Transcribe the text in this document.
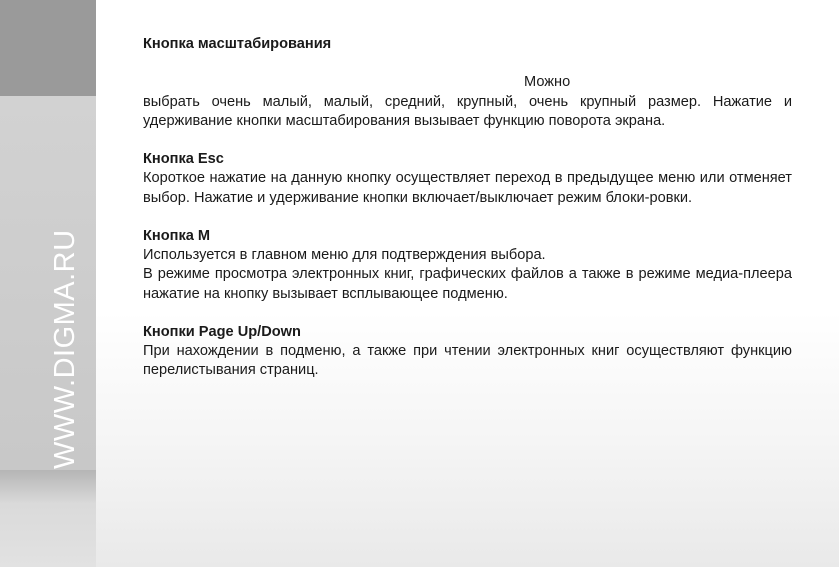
WWW.DIGMA.RU

Кнопка масштабирования

Можно

выбрать очень малый, малый, средний, крупный, очень крупный размер. Нажатие и удерживание кнопки масштабирования вызывает функцию поворота экрана.

Кнопка Esc

Короткое нажатие на данную кнопку осуществляет переход в предыдущее меню или отменяет выбор. Нажатие и удерживание кнопки включает/выключает режим блоки-ровки.

Кнопка M

Используется в главном меню для подтверждения выбора.

В режиме просмотра электронных книг, графических файлов а также в режиме медиа-плеера нажатие на кнопку вызывает всплывающее подменю.

Кнопки Page Up/Down

При нахождении в подменю, а также при чтении электронных книг осуществляют функцию перелистывания страниц.
